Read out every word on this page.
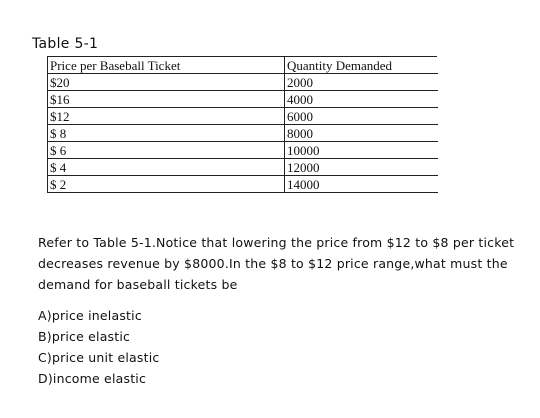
Table 5-1
Price per Baseball Ticket	Quantity Demanded
$20	2000
$16	4000
$12	6000
$ 8	8000
$ 6	10000
$ 4	12000
$ 2	14000

Refer to Table 5-1.Notice that lowering the price from $12 to $8 per ticket decreases revenue by $8000.In the $8 to $12 price range,what must the demand for baseball tickets be

A)price inelastic
B)price elastic
C)price unit elastic
D)income elastic
